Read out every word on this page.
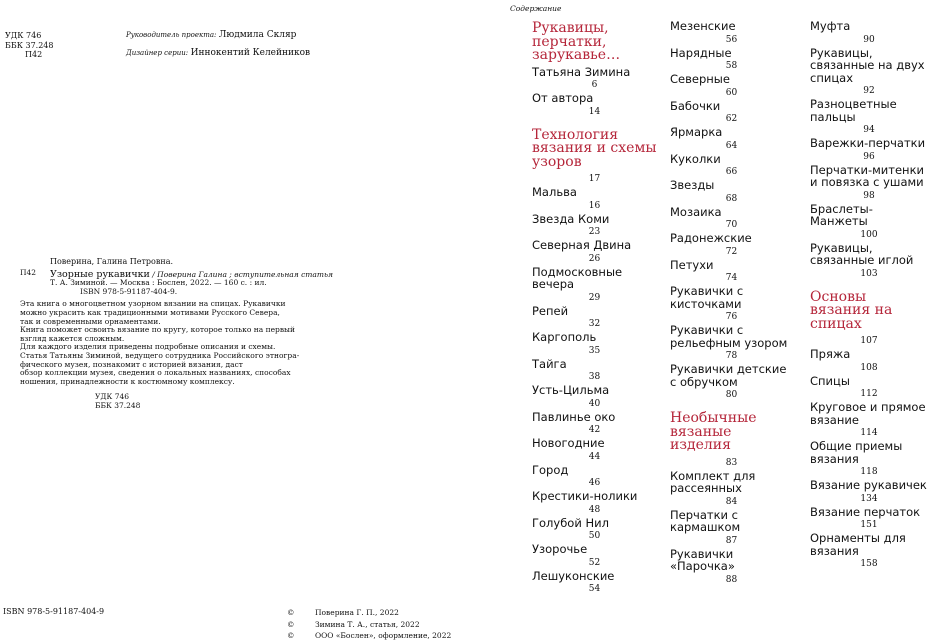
УДК 746
ББК 37.248
П42
Руководитель проекта: Людмила Скляр
Дизайнер серии: Иннокентий Келейников
Поверина, Галина Петровна.
П42	Узорные рукавички / Поверина Галина ; вступительная статья
Т. А. Зиминой. — Москва : Бослен, 2022. — 160 с. : ил.
ISBN 978-5-91187-404-9.
Эта книга о многоцветном узорном вязании на спицах. Рукавички
можно украсить как традиционными мотивами Русского Севера,
так и современными орнаментами.
Книга поможет освоить вязание по кругу, которое только на первый
взгляд кажется сложным.
Для каждого изделия приведены подробные описания и схемы.
Статья Татьяны Зиминой, ведущего сотрудника Российского этногра-
фического музея, познакомит с историей вязания, даст
обзор коллекции музея, сведения о локальных названиях, способах
ношения, принадлежности к костюмному комплексу.
УДК 746
ББК 37.248
ISBN 978-5-91187-404-9	©	Поверина Г. П., 2022
©	Зимина Т. А., статья, 2022
©	ООО «Бослен», оформление, 2022
Содержание
Рукавицы, перчатки, зарукавье…
Татьяна Зимина
6
От автора
14
Технология вязания и схемы узоров
17
Мальва
16
Звезда Коми
23
Северная Двина
26
Подмосковные вечера
29
Репей
32
Каргополь
35
Тайга
38
Усть-Цильма
40
Павлинье око
42
Новогодние
44
Город
46
Крестики-нолики
48
Голубой Нил
50
Узорочье
52
Лешуконские
54
Мезенские
56
Нарядные
58
Северные
60
Бабочки
62
Ярмарка
64
Куколки
66
Звезды
68
Мозаика
70
Радонежские
72
Петухи
74
Рукавички с кисточками
76
Рукавички с рельефным узором
78
Рукавички детские с обручком
80
Необычные вязаные изделия
83
Комплект для рассеянных
84
Перчатки с кармашком
87
Рукавички «Парочка»
88
Муфта
90
Рукавицы, связанные на двух спицах
92
Разноцветные пальцы
94
Варежки-перчатки
96
Перчатки-митенки и повязка с ушами
98
Браслеты-Манжеты
100
Рукавицы, связанные иглой
103
Основы вязания на спицах
107
Пряжа
108
Спицы
112
Круговое и прямое вязание
114
Общие приемы вязания
118
Вязание рукавичек
134
Вязание перчаток
151
Орнаменты для вязания
158
